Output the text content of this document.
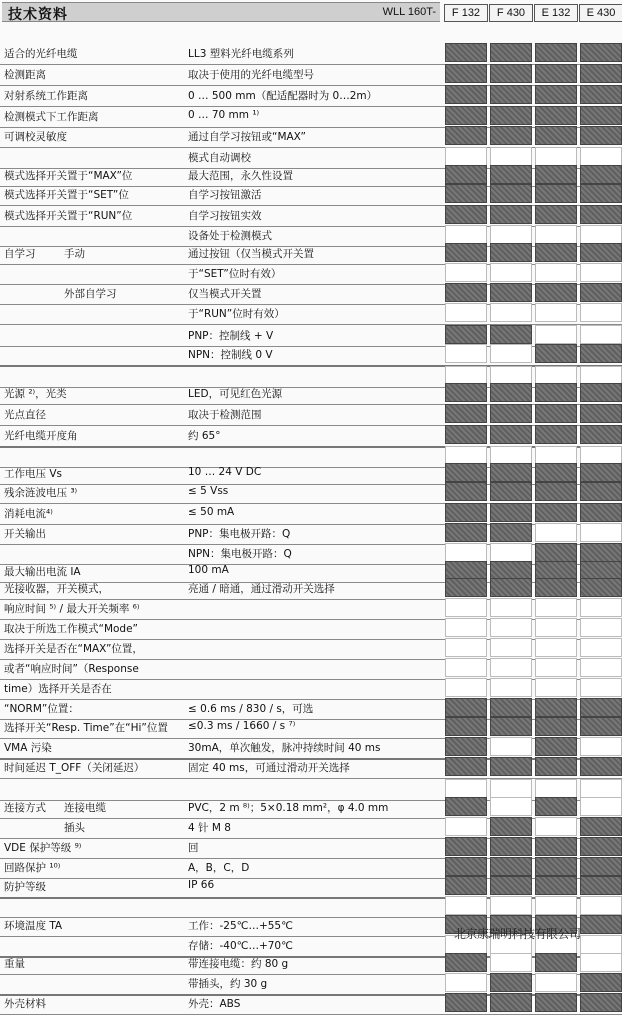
技术资料	WLL 160T-	F 132	F 430	E 132	E 430
适合的光纤电缆	LL3 塑料光纤电缆系列
检测距离	取决于使用的光纤电缆型号
对射系统工作距离	0 … 500 mm（配适配器时为 0…2m）
检测模式下工作距离	0 … 70 mm ¹⁾
可调校灵敏度	通过自学习按钮或“MAX”
模式自动调校
模式选择开关置于“MAX”位	最大范围，永久性设置
模式选择开关置于“SET”位	自学习按钮激活
模式选择开关置于“RUN”位	自学习按钮实效
设备处于检测模式
自学习	手动	通过按钮（仅当模式开关置
于“SET”位时有效）
外部自学习	仅当模式开关置
于“RUN”位时有效）
PNP：控制线 + V
NPN：控制线 0 V
光源 ²⁾，光类	LED，可见红色光源
光点直径	取决于检测范围
光纤电缆开度角	约 65°
工作电压 Vs	10 … 24 V DC
残余涟波电压 ³⁾	≤ 5 Vss
消耗电流⁴⁾	≤ 50 mA
开关输出	PNP：集电极开路：Q
NPN：集电极开路：Q
最大输出电流 IA	100 mA
光接收器，开关模式，	亮通 / 暗通，通过滑动开关选择
响应时间 ⁵⁾ / 最大开关频率 ⁶⁾
取决于所选工作模式“Mode”
选择开关是否在“MAX”位置，
或者“响应时间”（Response
time）选择开关是否在
“NORM”位置：	≤ 0.6 ms / 830 / s，可选
选择开关“Resp. Time”在“Hi”位置 ≤0.3 ms / 1660 / s ⁷⁾
VMA 污染	30mA，单次触发，脉冲持续时间 40 ms
时间延迟 T_OFF（关闭延迟）	固定 40 ms，可通过滑动开关选择
连接方式 连接电缆	PVC，2 m ⁸⁾；5×0.18 mm²，φ 4.0 mm
插头	4 针 M 8
VDE 保护等级 ⁹⁾	回
回路保护 ¹⁰⁾	A，B，C，D
防护等级	IP 66
环境温度 TA	工作：-25℃…+55℃
存储：-40℃…+70℃
重量	带连接电缆：约 80 g
带插头，约 30 g
外壳材料	外壳：ABS
北京康瑞明科技有限公司
